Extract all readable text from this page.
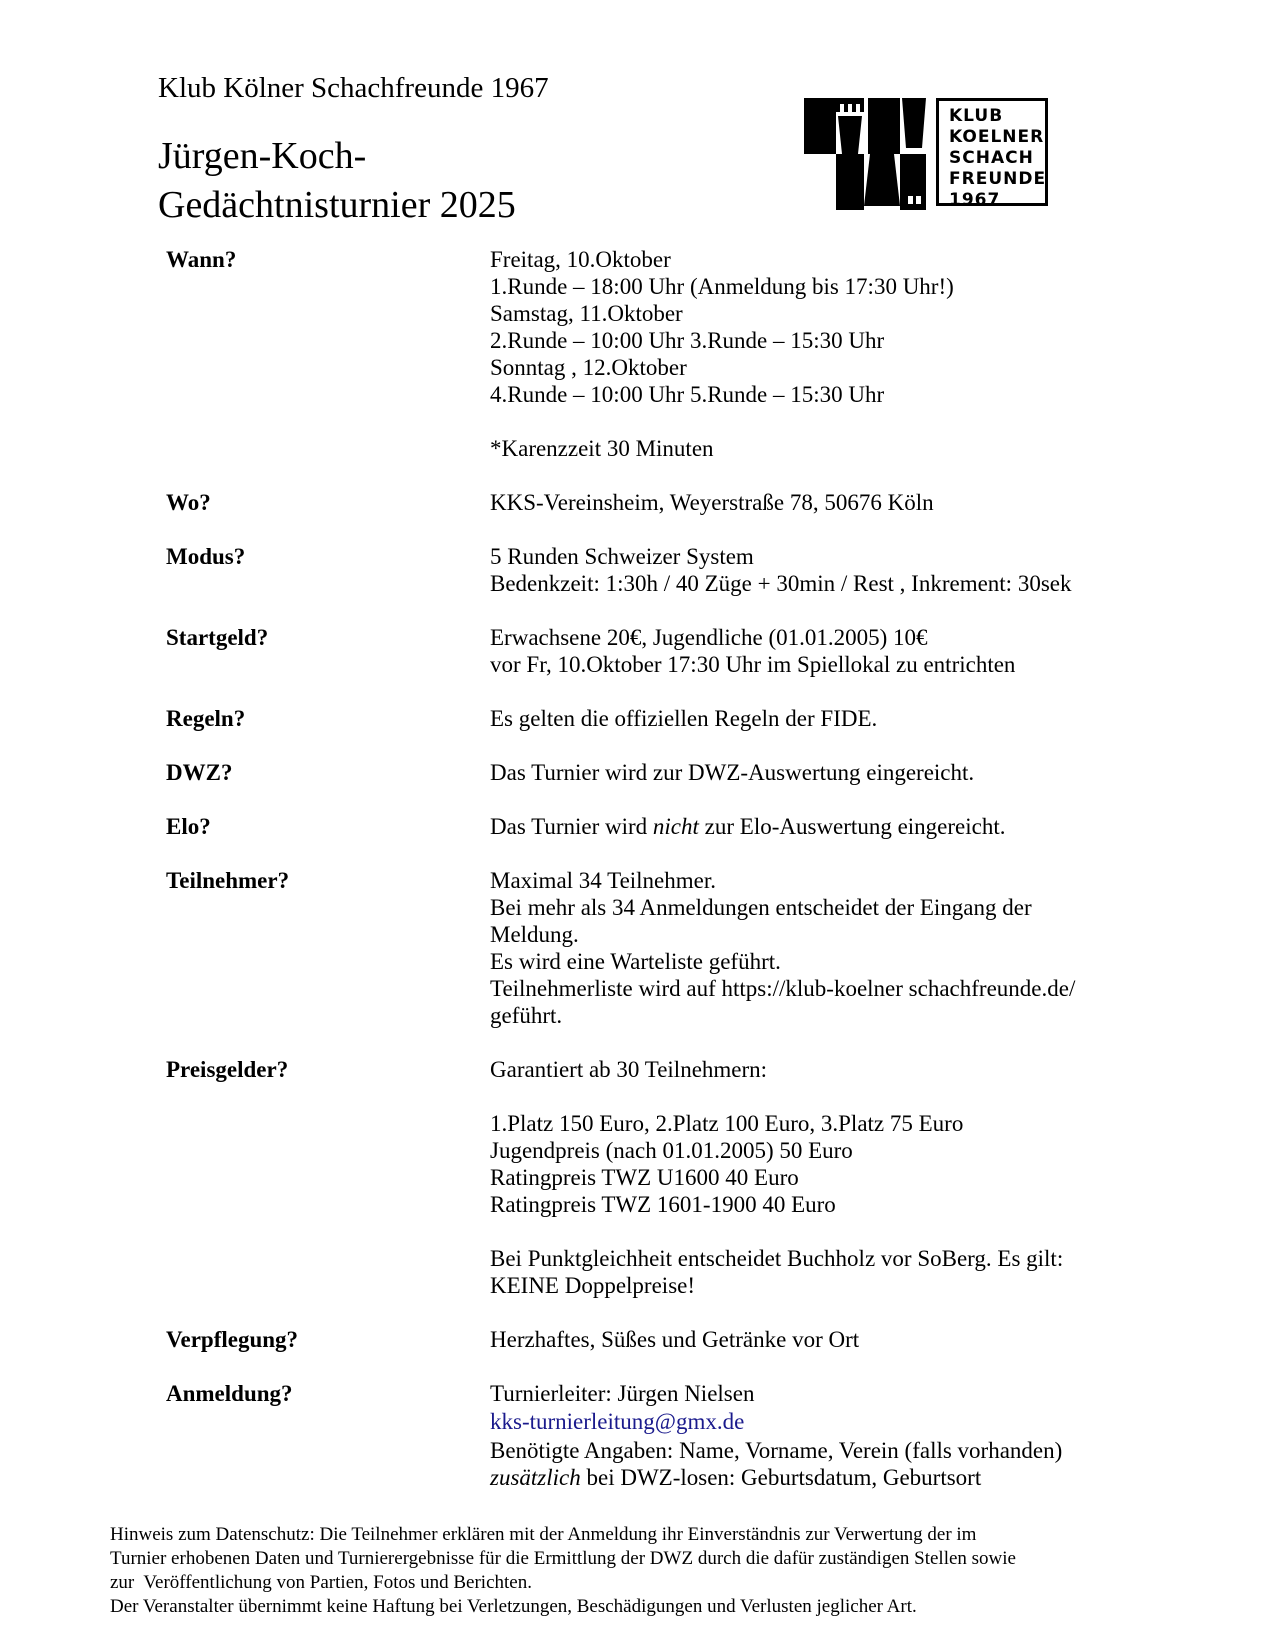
Klub Kölner Schachfreunde 1967
Jürgen-Koch-
Gedächtnisturnier 2025
KLUB
KOELNER
SCHACH
FREUNDE
1967
Wann?	Freitag, 10.Oktober
1.Runde – 18:00 Uhr (Anmeldung bis 17:30 Uhr!)
Samstag, 11.Oktober
2.Runde – 10:00 Uhr 3.Runde – 15:30 Uhr
Sonntag , 12.Oktober
4.Runde – 10:00 Uhr 5.Runde – 15:30 Uhr
*Karenzzeit 30 Minuten
Wo?	KKS-Vereinsheim, Weyerstraße 78, 50676 Köln
Modus?	5 Runden Schweizer System
Bedenkzeit: 1:30h / 40 Züge + 30min / Rest , Inkrement: 30sek
Startgeld?	Erwachsene 20€, Jugendliche (01.01.2005) 10€
vor Fr, 10.Oktober 17:30 Uhr im Spiellokal zu entrichten
Regeln?	Es gelten die offiziellen Regeln der FIDE.
DWZ?	Das Turnier wird zur DWZ-Auswertung eingereicht.
Elo?	Das Turnier wird nicht zur Elo-Auswertung eingereicht.
Teilnehmer?	Maximal 34 Teilnehmer.
Bei mehr als 34 Anmeldungen entscheidet der Eingang der
Meldung.
Es wird eine Warteliste geführt.
Teilnehmerliste wird auf https://klub-koelner schachfreunde.de/
geführt.
Preisgelder?	Garantiert ab 30 Teilnehmern:
1.Platz 150 Euro, 2.Platz 100 Euro, 3.Platz 75 Euro
Jugendpreis (nach 01.01.2005) 50 Euro
Ratingpreis TWZ U1600 40 Euro
Ratingpreis TWZ 1601-1900 40 Euro
Bei Punktgleichheit entscheidet Buchholz vor SoBerg. Es gilt:
KEINE Doppelpreise!
Verpflegung?	Herzhaftes, Süßes und Getränke vor Ort
Anmeldung?	Turnierleiter: Jürgen Nielsen
kks-turnierleitung@gmx.de
Benötigte Angaben: Name, Vorname, Verein (falls vorhanden)
zusätzlich bei DWZ-losen: Geburtsdatum, Geburtsort
Hinweis zum Datenschutz: Die Teilnehmer erklären mit der Anmeldung ihr Einverständnis zur Verwertung der im
Turnier erhobenen Daten und Turnierergebnisse für die Ermittlung der DWZ durch die dafür zuständigen Stellen sowie
zur  Veröffentlichung von Partien, Fotos und Berichten.
Der Veranstalter übernimmt keine Haftung bei Verletzungen, Beschädigungen und Verlusten jeglicher Art.
